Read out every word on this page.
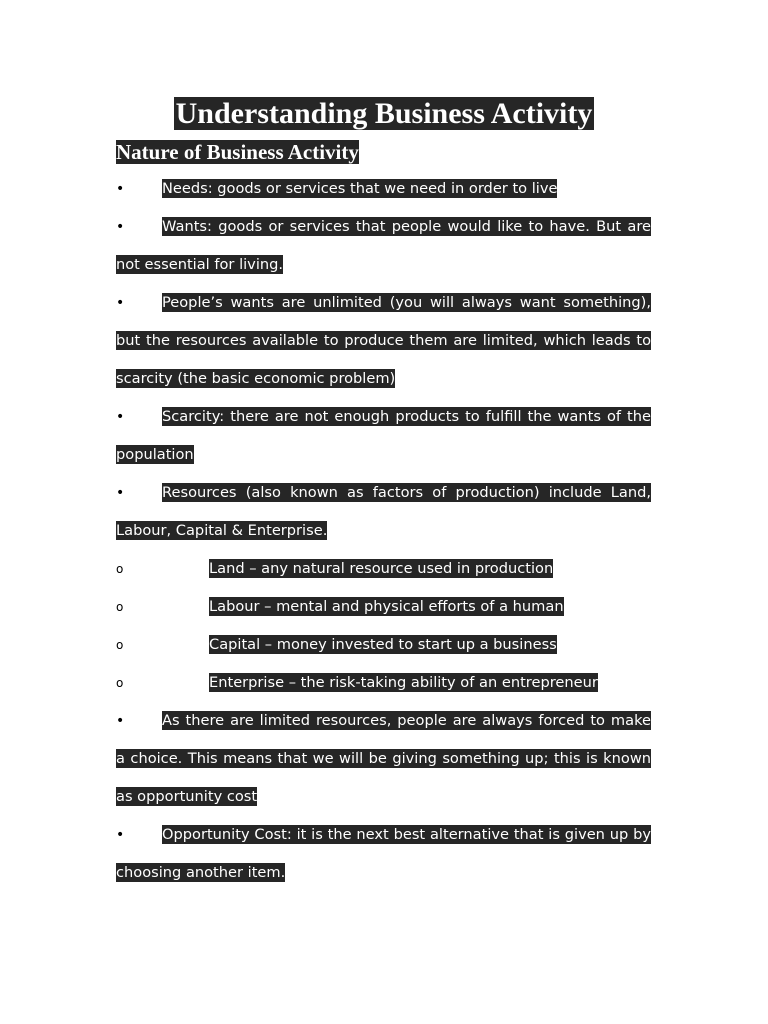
Understanding Business Activity
Nature of Business Activity
•	Needs: goods or services that we need in order to live
•	Wants: goods or services that people would like to have. But are not essential for living.
•	People’s wants are unlimited (you will always want something), but the resources available to produce them are limited, which leads to scarcity (the basic economic problem)
•	Scarcity: there are not enough products to fulfill the wants of the population
•	Resources (also known as factors of production) include Land, Labour, Capital & Enterprise.
o	Land – any natural resource used in production
o	Labour – mental and physical efforts of a human
o	Capital – money invested to start up a business
o	Enterprise – the risk-taking ability of an entrepreneur
•	As there are limited resources, people are always forced to make a choice. This means that we will be giving something up; this is known as opportunity cost
•	Opportunity Cost: it is the next best alternative that is given up by choosing another item.
